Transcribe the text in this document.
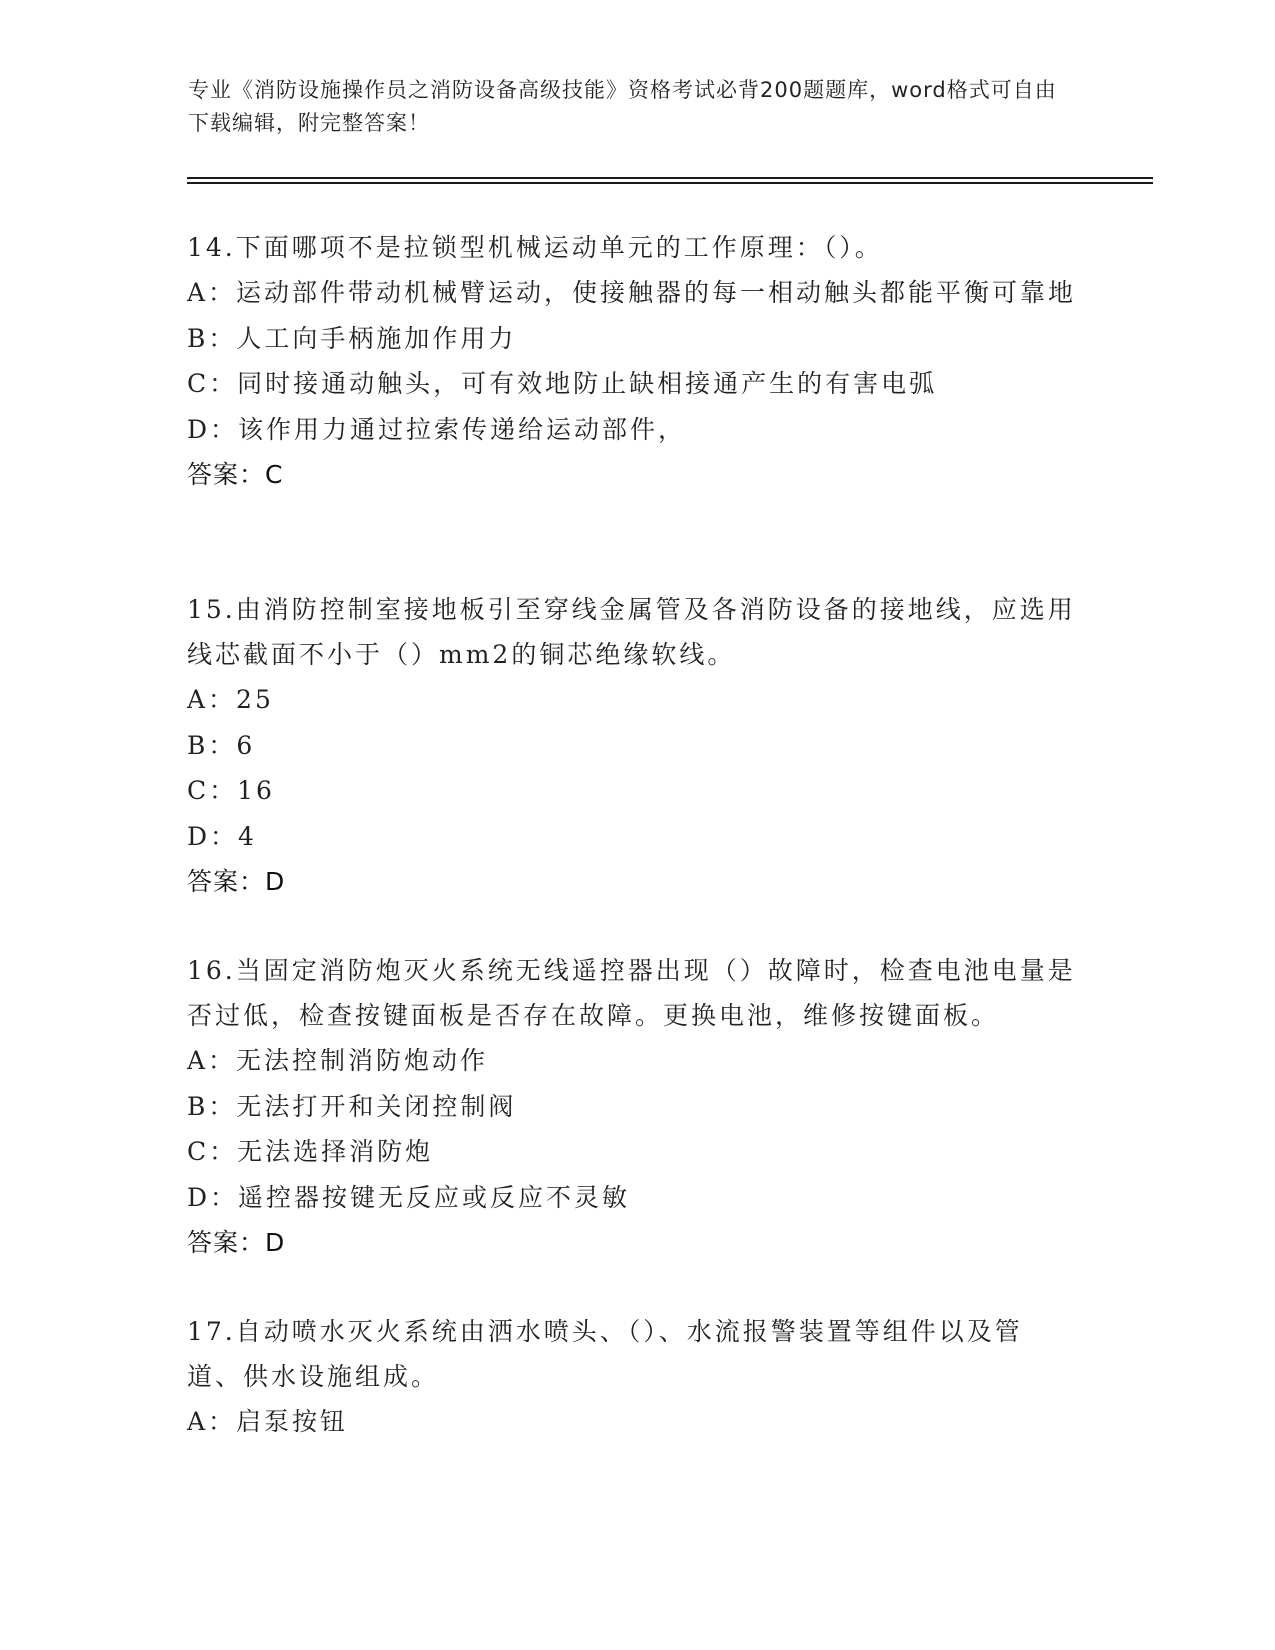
专业《消防设施操作员之消防设备高级技能》资格考试必背200题题库，word格式可自由下载编辑，附完整答案！
14.下面哪项不是拉锁型机械运动单元的工作原理：（）。
A：运动部件带动机械臂运动，使接触器的每一相动触头都能平衡可靠地
B：人工向手柄施加作用力
C：同时接通动触头，可有效地防止缺相接通产生的有害电弧
D：该作用力通过拉索传递给运动部件，
答案：C
15.由消防控制室接地板引至穿线金属管及各消防设备的接地线，应选用线芯截面不小于（）mm2的铜芯绝缘软线。
A：25
B：6
C：16
D：4
答案：D
16.当固定消防炮灭火系统无线遥控器出现（）故障时，检查电池电量是否过低，检查按键面板是否存在故障。更换电池，维修按键面板。
A：无法控制消防炮动作
B：无法打开和关闭控制阀
C：无法选择消防炮
D：遥控器按键无反应或反应不灵敏
答案：D
17.自动喷水灭火系统由洒水喷头、（）、水流报警装置等组件以及管道、供水设施组成。
A：启泵按钮
